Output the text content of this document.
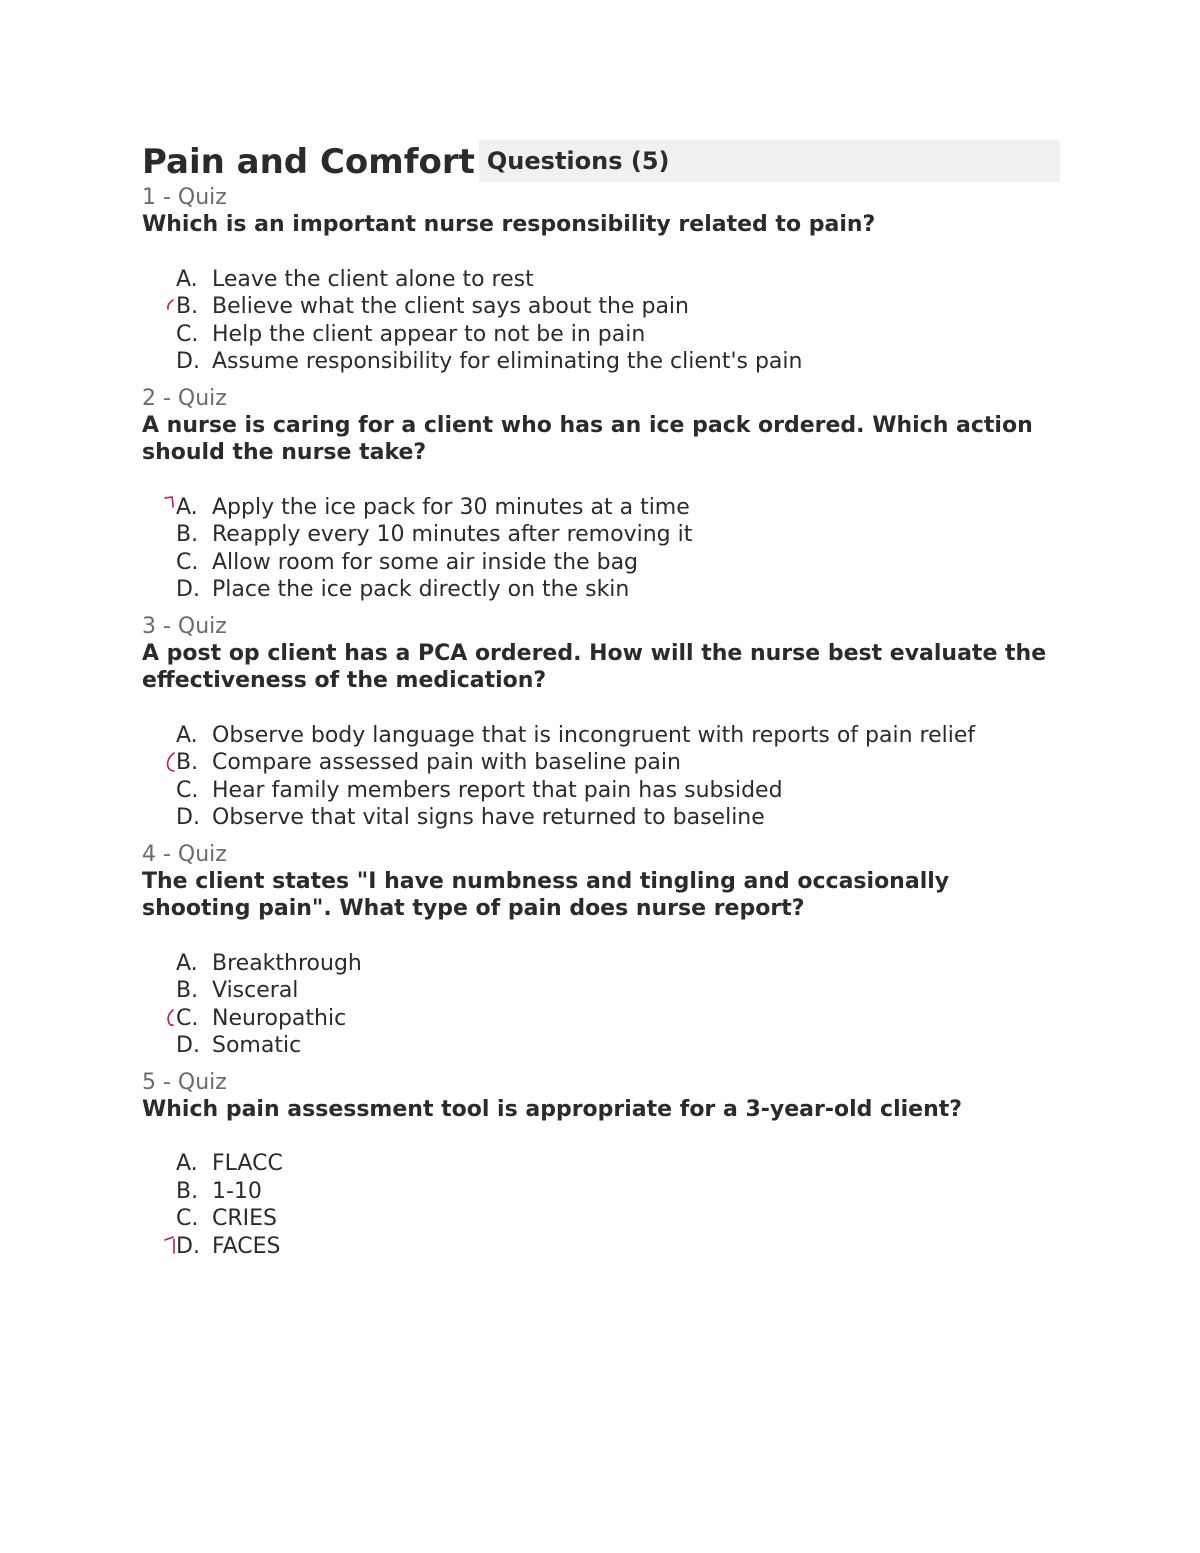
Pain and Comfort Questions (5)
1 - Quiz

Which is an important nurse responsibility related to pain?

A. Leave the client alone to rest
B. Believe what the client says about the pain
C. Help the client appear to not be in pain
D. Assume responsibility for eliminating the client's pain
2 - Quiz

A nurse is caring for a client who has an ice pack ordered. Which action should the nurse take?

A. Apply the ice pack for 30 minutes at a time
B. Reapply every 10 minutes after removing it
C. Allow room for some air inside the bag
D. Place the ice pack directly on the skin
3 - Quiz

A post op client has a PCA ordered. How will the nurse best evaluate the effectiveness of the medication?

A. Observe body language that is incongruent with reports of pain relief
B. Compare assessed pain with baseline pain
C. Hear family members report that pain has subsided
D. Observe that vital signs have returned to baseline
4 - Quiz

The client states "I have numbness and tingling and occasionally shooting pain". What type of pain does nurse report?

A. Breakthrough
B. Visceral
C. Neuropathic
D. Somatic
5 - Quiz

Which pain assessment tool is appropriate for a 3-year-old client?

A. FLACC
B. 1-10
C. CRIES
D. FACES
